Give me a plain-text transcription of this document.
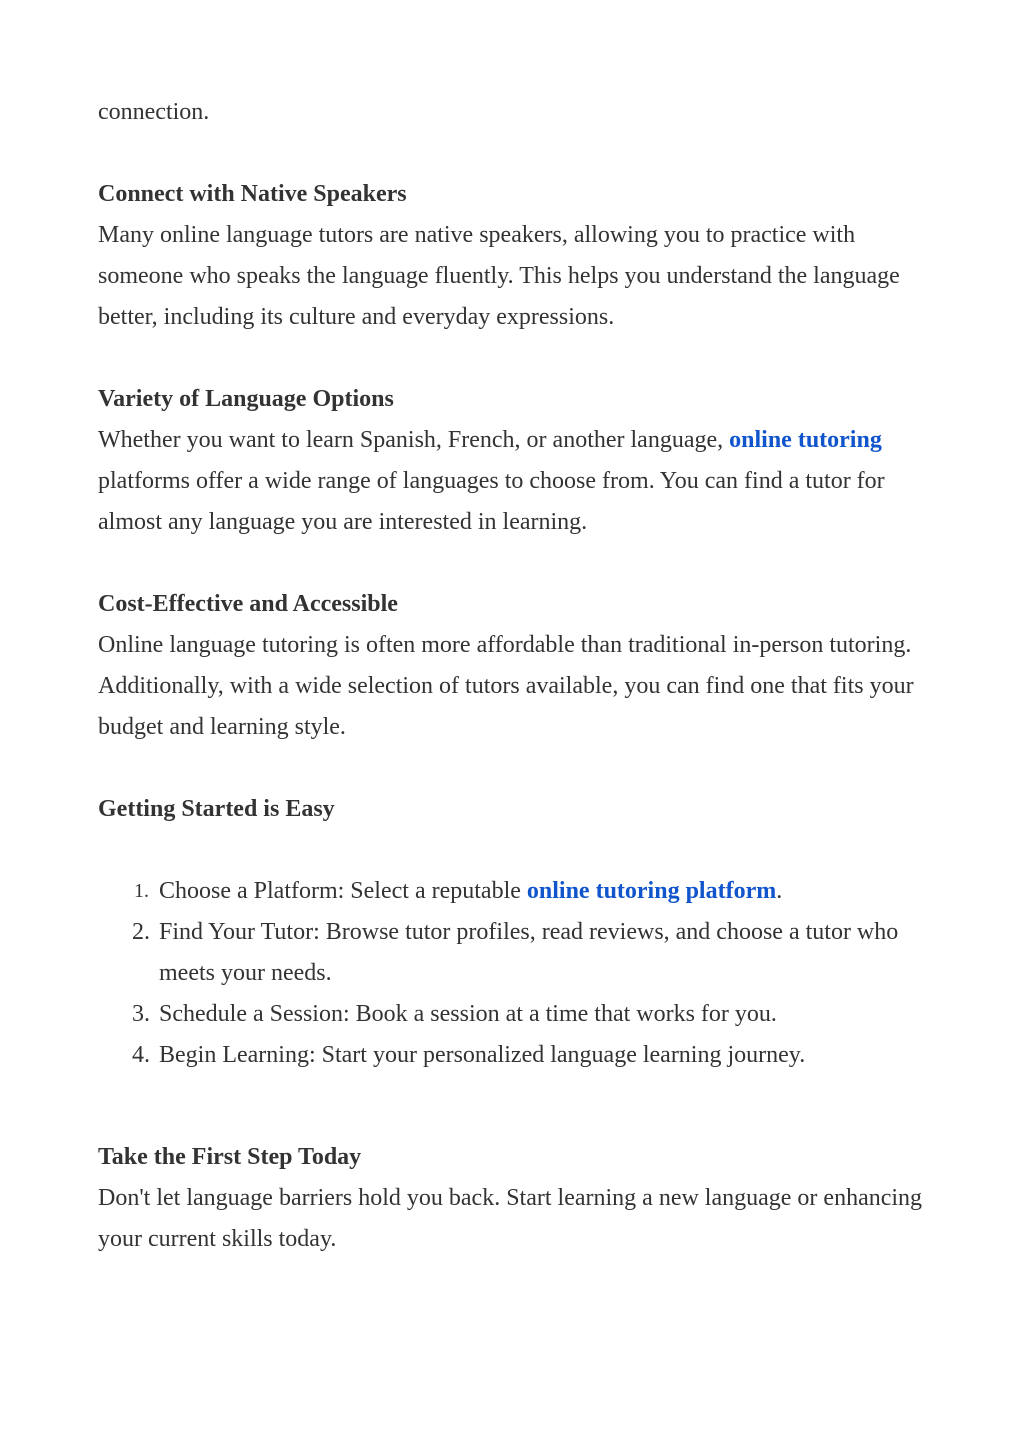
connection.

Connect with Native Speakers

Many online language tutors are native speakers, allowing you to practice with someone who speaks the language fluently. This helps you understand the language better, including its culture and everyday expressions.

Variety of Language Options

Whether you want to learn Spanish, French, or another language, online tutoring platforms offer a wide range of languages to choose from. You can find a tutor for almost any language you are interested in learning.

Cost-Effective and Accessible

Online language tutoring is often more affordable than traditional in-person tutoring. Additionally, with a wide selection of tutors available, you can find one that fits your budget and learning style.

Getting Started is Easy

1. Choose a Platform: Select a reputable online tutoring platform.
2. Find Your Tutor: Browse tutor profiles, read reviews, and choose a tutor who meets your needs.
3. Schedule a Session: Book a session at a time that works for you.
4. Begin Learning: Start your personalized language learning journey.

Take the First Step Today

Don't let language barriers hold you back. Start learning a new language or enhancing your current skills today.
